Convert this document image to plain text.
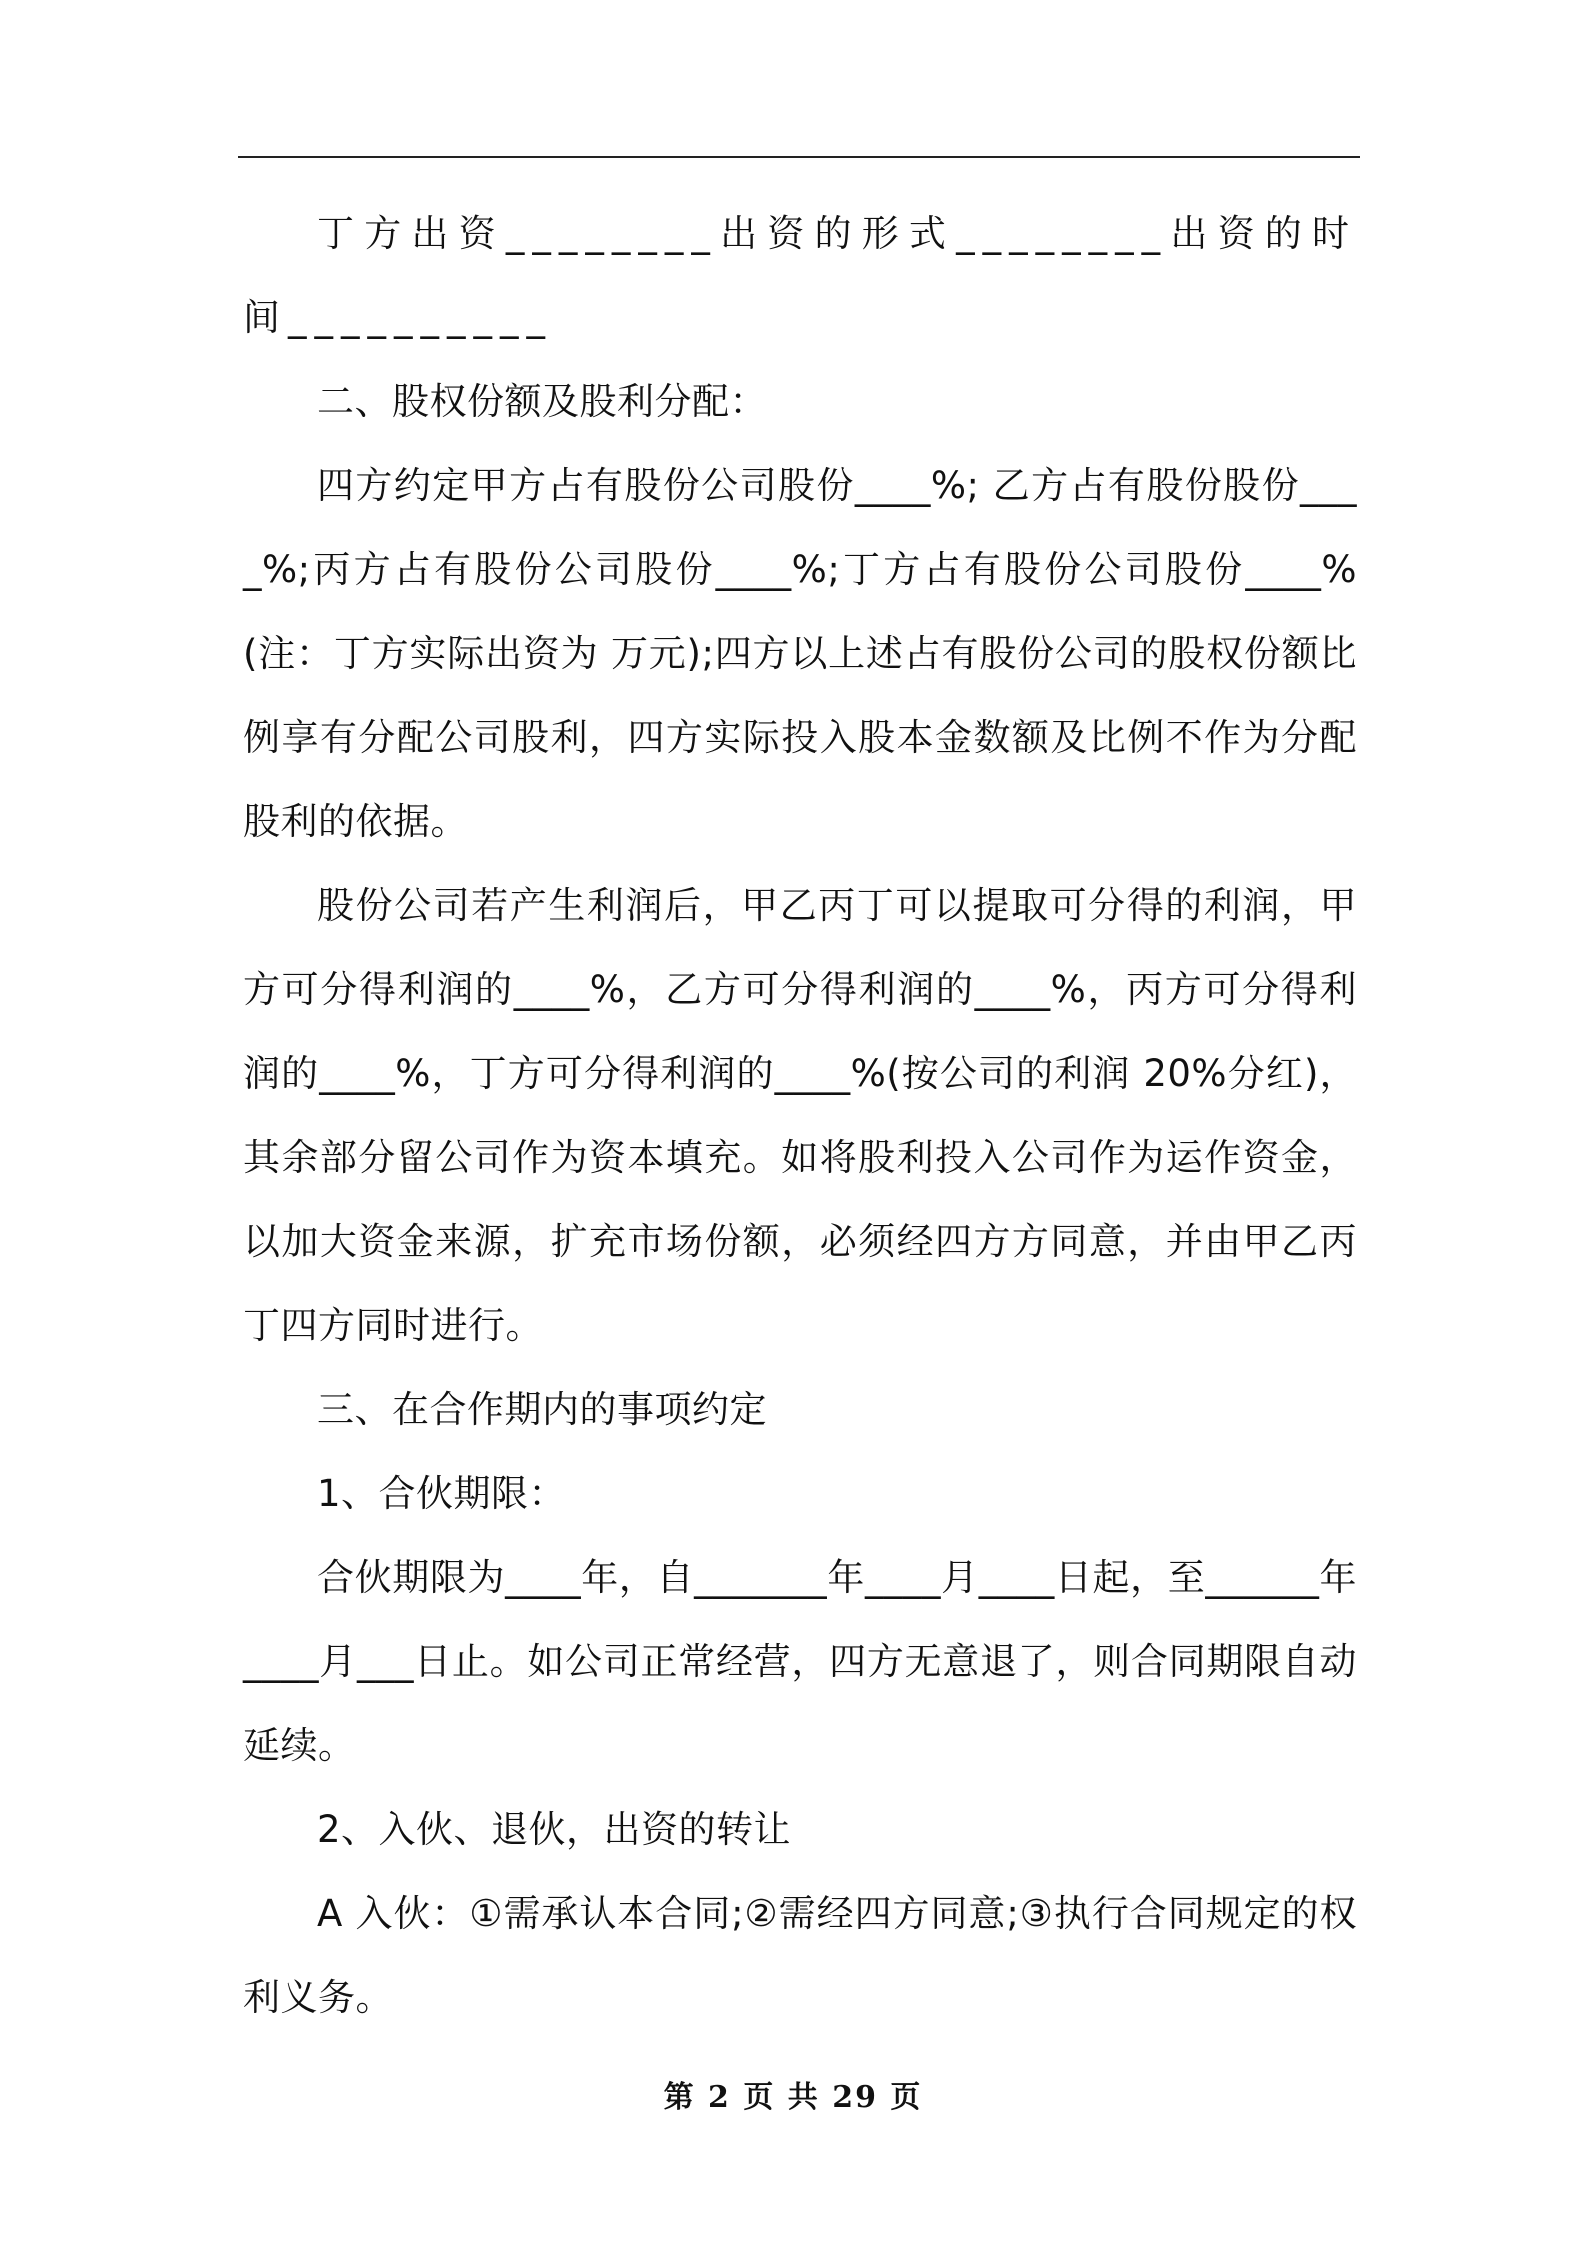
丁方出资________出资的形式________出资的时间__________

二、股权份额及股利分配：

四方约定甲方占有股份公司股份____%; 乙方占有股份股份____%;丙方占有股份公司股份____%;丁方占有股份公司股份____%(注：丁方实际出资为 万元);四方以上述占有股份公司的股权份额比例享有分配公司股利，四方实际投入股本金数额及比例不作为分配股利的依据。

股份公司若产生利润后，甲乙丙丁可以提取可分得的利润，甲方可分得利润的____%，乙方可分得利润的____%，丙方可分得利润的____%，丁方可分得利润的____%(按公司的利润 20%分红)，其余部分留公司作为资本填充。如将股利投入公司作为运作资金，以加大资金来源，扩充市场份额，必须经四方方同意，并由甲乙丙丁四方同时进行。

三、在合作期内的事项约定

1、合伙期限：

合伙期限为____年，自_______年____月____日起，至______年____月___日止。如公司正常经营，四方无意退了，则合同期限自动延续。

2、入伙、退伙，出资的转让

A 入伙：①需承认本合同;②需经四方同意;③执行合同规定的权利义务。

第 2 页 共 29 页
